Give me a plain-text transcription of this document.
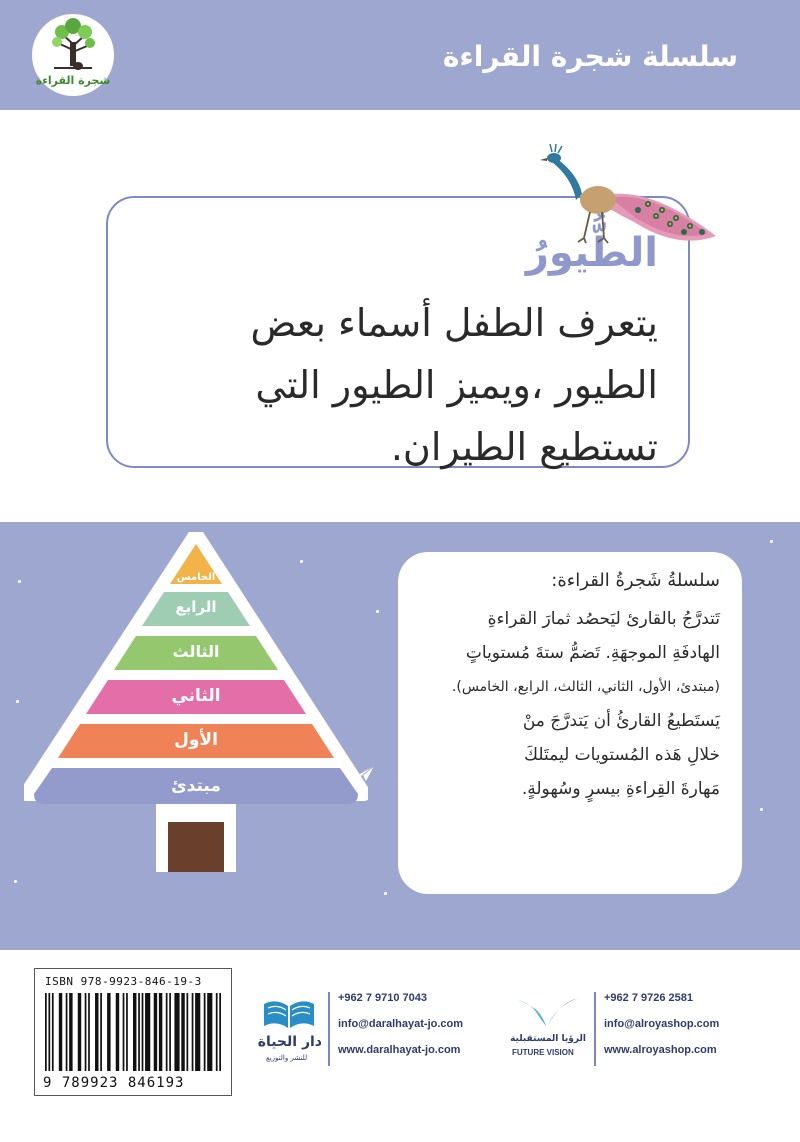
سلسلة شجرة القراءة
شجرة القراءة
الطُّيورُ
يتعرف الطفل أسماء بعض
الطيور ،ويميز الطيور التي
تستطيع الطيران.
الخامس
الرابع
الثالث
الثاني
الأول
مبتدئ
سلسلةُ شَجرةُ القراءة:
تَتدرَّجُ بالقارئ ليَحصُد ثمارَ القراءةِ
الهادفَةِ الموجهَةِ. تَضمُّ ستةَ مُستوياتٍ
(مبتدئ، الأول، الثاني، الثالث، الرابع، الخامس).
يَستَطيعُ القارئُ أن يَتدرَّجَ منْ
خلالِ هَذه المُستويات ليمتَلكَ
مَهارةَ القِراءةِ بيسرٍ وسُهولةٍ.
ISBN 978-9923-846-19-3
9 789923 846193
دار الحياة
للنشر والتوزيع
+962 7 9710 7043
info@daralhayat-jo.com
www.daralhayat-jo.com
الرؤيا المستقبلية
FUTURE VISION
+962 7 9726 2581
info@alroyashop.com
www.alroyashop.com
